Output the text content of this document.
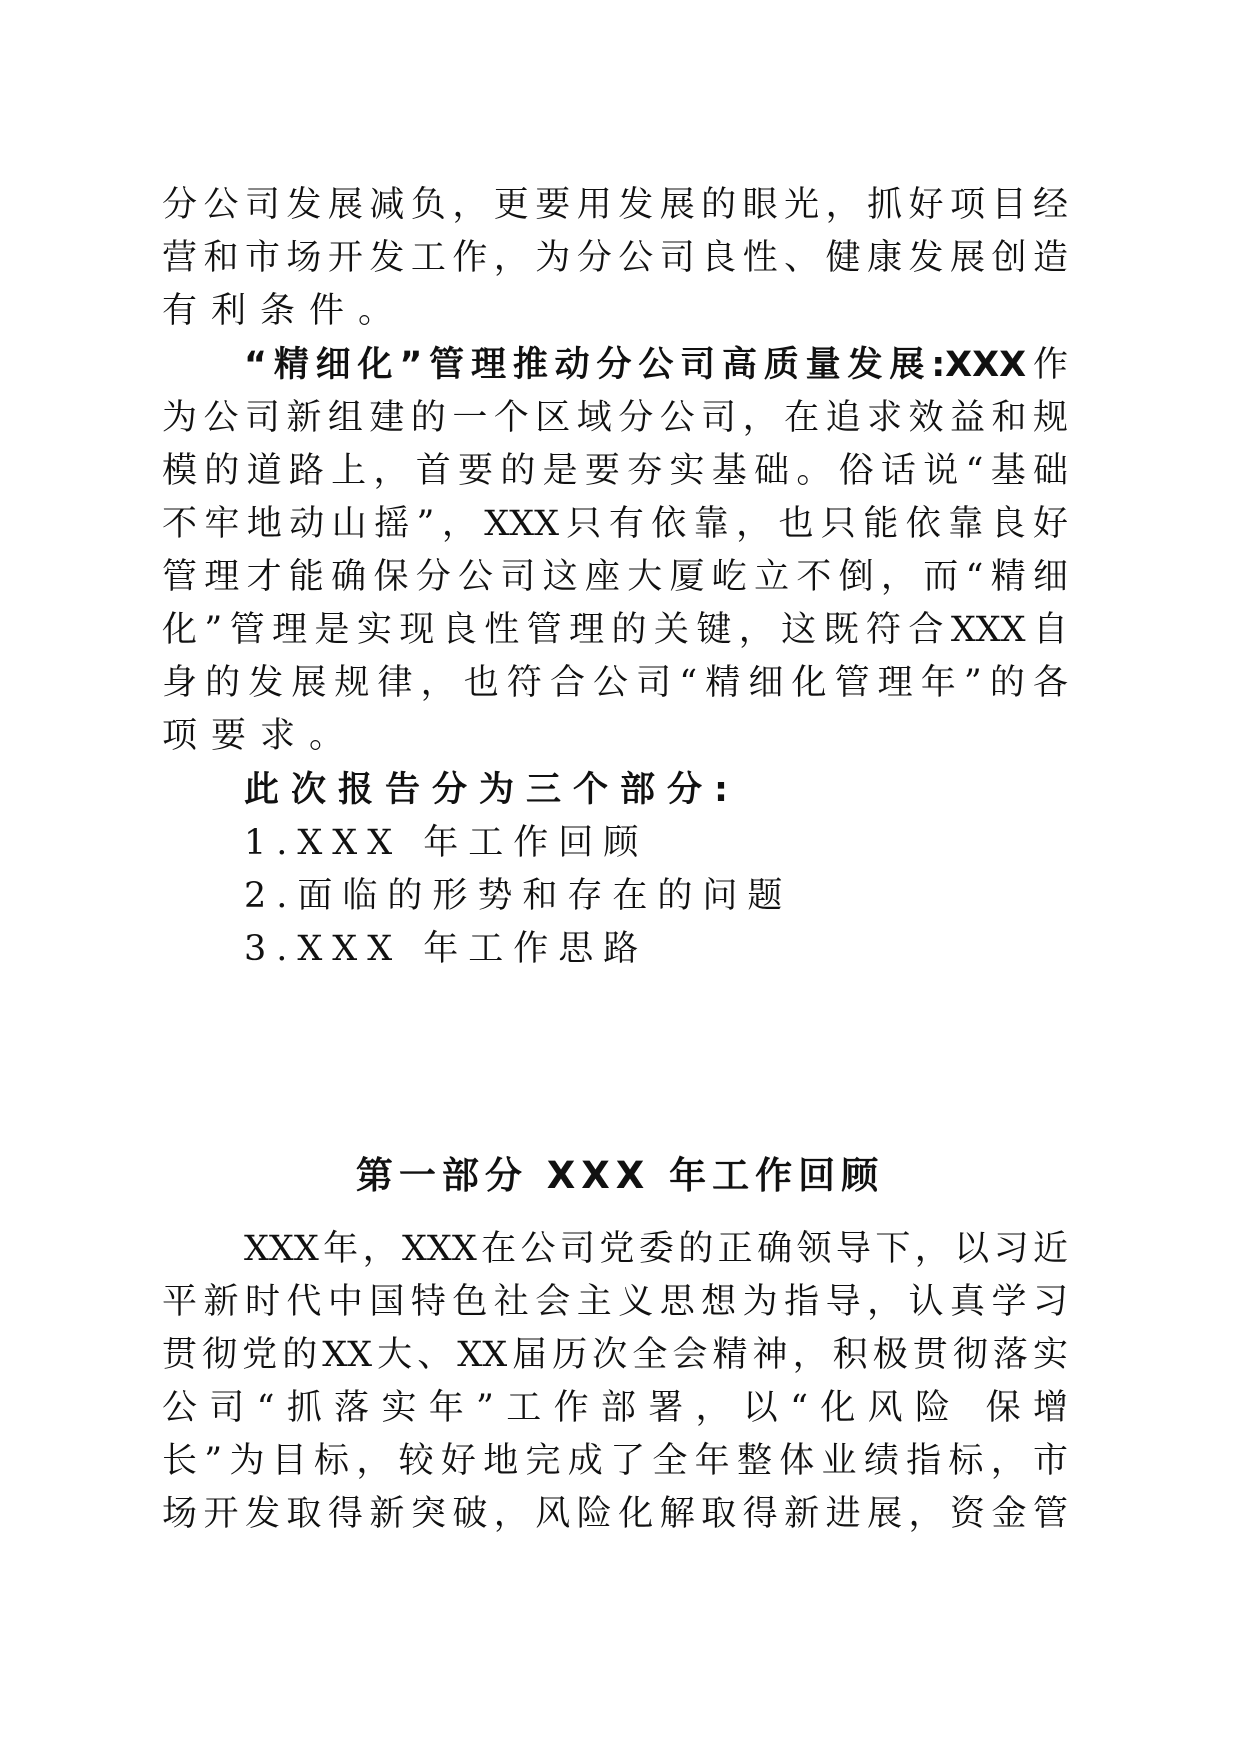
分公司发展减负，更要用发展的眼光，抓好项目经
营和市场开发工作，为分公司良性、健康发展创造
有利条件。
“精细化”管理推动分公司高质量发展:XXX作
为公司新组建的一个区域分公司，在追求效益和规
模的道路上，首要的是要夯实基础。俗话说“基础
不牢地动山摇”，XXX只有依靠，也只能依靠良好
管理才能确保分公司这座大厦屹立不倒，而“精细
化”管理是实现良性管理的关键，这既符合XXX自
身的发展规律，也符合公司“精细化管理年”的各
项要求。
此次报告分为三个部分:
1.XXX 年工作回顾
2.面临的形势和存在的问题
3.XXX 年工作思路
第一部分 XXX 年工作回顾
XXX年，XXX在公司党委的正确领导下，以习近
平新时代中国特色社会主义思想为指导，认真学习
贯彻党的XX大、XX届历次全会精神，积极贯彻落实
公司“抓落实年”工作部署，以“化风险 保增
长”为目标，较好地完成了全年整体业绩指标，市
场开发取得新突破，风险化解取得新进展，资金管
